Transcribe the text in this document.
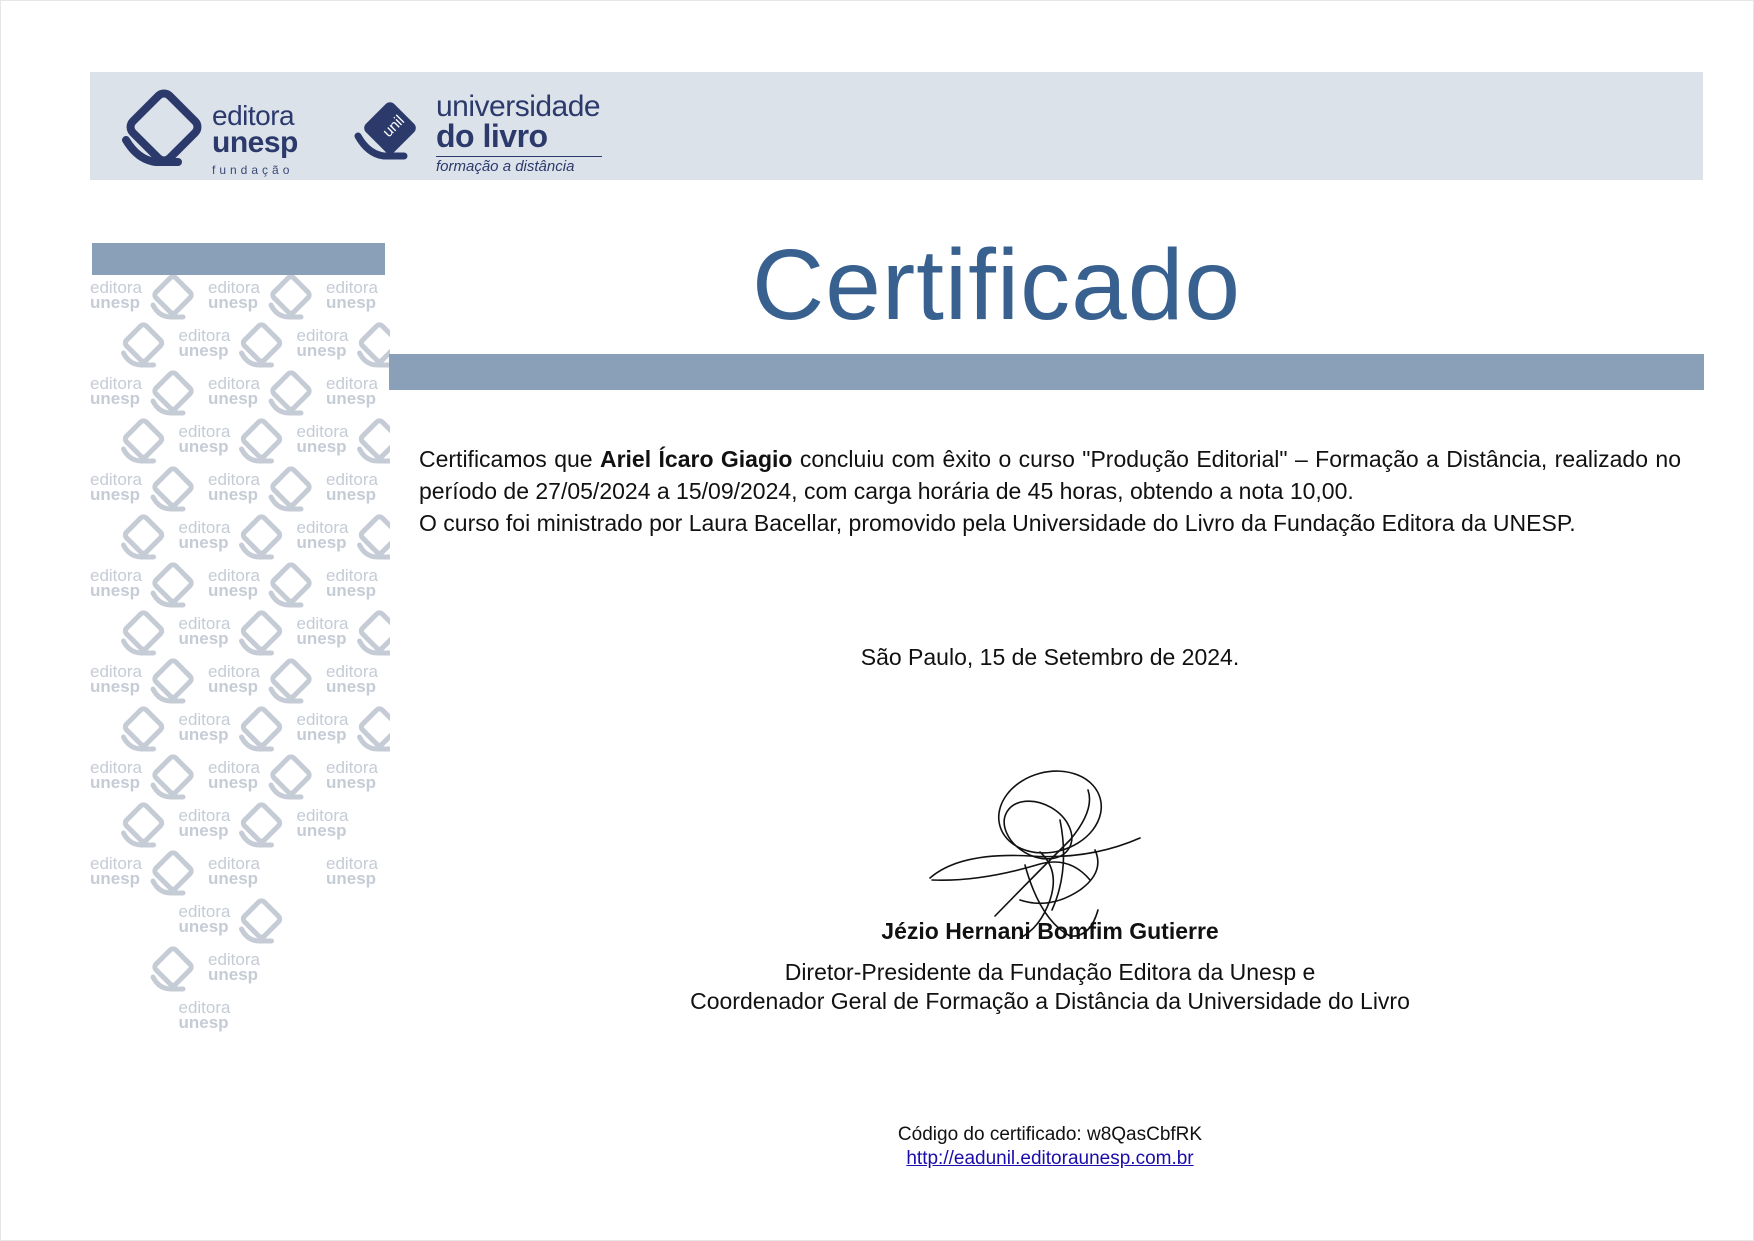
editora
unesp
fundação
unil
universidade
do livro
formação a distância
editora
unesp
editora
unesp
editora
unesp
editora
unesp
editora
unesp
editora
unesp
editora
unesp
editora
unesp
editora
unesp
editora
unesp
editora
unesp
editora
unesp
editora
unesp
editora
unesp
editora
unesp
editora
unesp
editora
unesp
editora
unesp
editora
unesp
editora
unesp
editora
unesp
editora
unesp
editora
unesp
editora
unesp
editora
unesp
editora
unesp
editora
unesp
editora
unesp
editora
unesp
editora
unesp
editora
unesp
editora
unesp
editora
unesp
editora
unesp
editora
unesp
editora
unesp
Certificado

Certificamos que Ariel Ícaro Giagio concluiu com êxito o curso "Produção Editorial" – Formação a Distância, realizado no período de 27/05/2024 a 15/09/2024, com carga horária de 45 horas, obtendo a nota 10,00.

O curso foi ministrado por Laura Bacellar, promovido pela Universidade do Livro da Fundação Editora da UNESP.

São Paulo, 15 de Setembro de 2024.
Jézio Hernani Bomfim Gutierre
Diretor-Presidente da Fundação Editora da Unesp e
Coordenador Geral de Formação a Distância da Universidade do Livro
Código do certificado: w8QasCbfRK
http://eadunil.editoraunesp.com.br
